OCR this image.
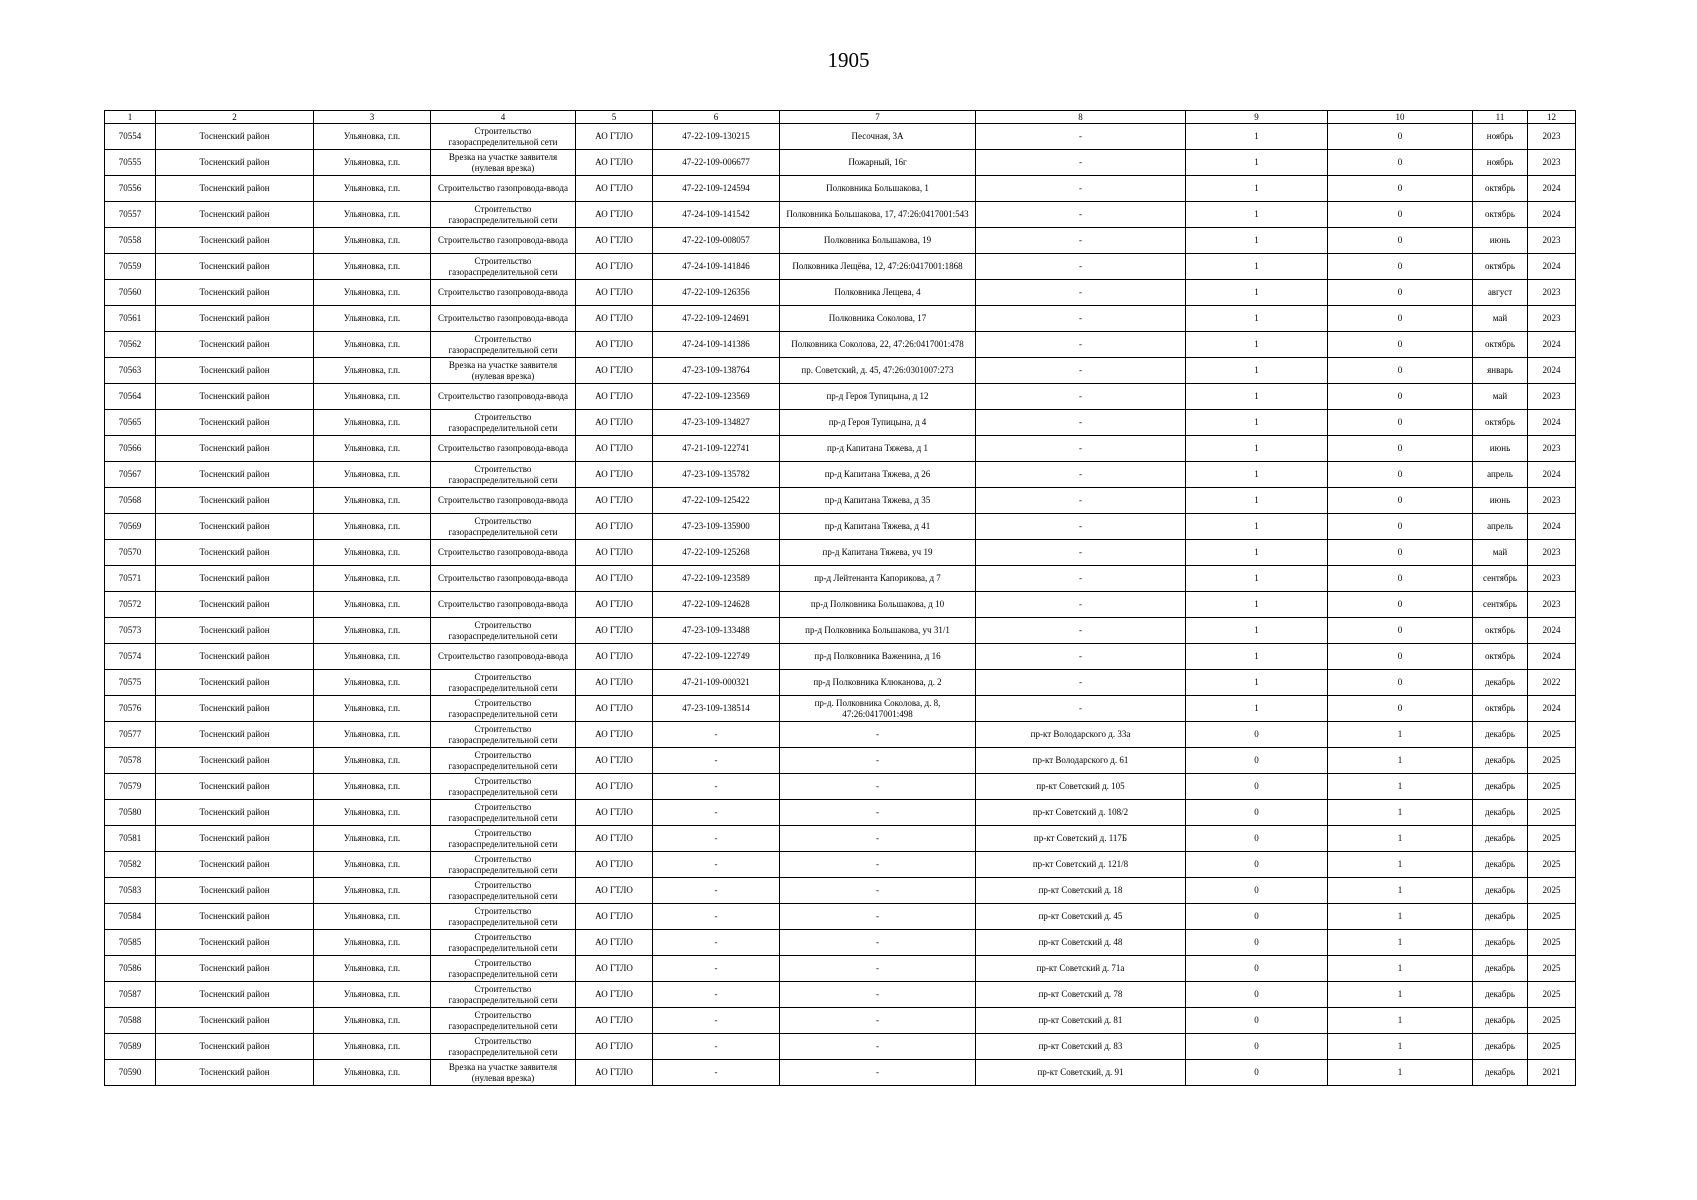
1905
1	2	3	4	5	6	7	8	9	10	11	12
70554	Тосненский район	Ульяновка, г.п.	Строительство газораспределительной сети	АО ГТЛО	47-22-109-130215	Песочная, 3А	-	1	0	ноябрь	2023
70555	Тосненский район	Ульяновка, г.п.	Врезка на участке заявителя (нулевая врезка)	АО ГТЛО	47-22-109-006677	Пожарный, 16г	-	1	0	ноябрь	2023
70556	Тосненский район	Ульяновка, г.п.	Строительство газопровода-ввода	АО ГТЛО	47-22-109-124594	Полковника Большакова, 1	-	1	0	октябрь	2024
70557	Тосненский район	Ульяновка, г.п.	Строительство газораспределительной сети	АО ГТЛО	47-24-109-141542	Полковника Большакова, 17, 47:26:0417001:543	-	1	0	октябрь	2024
70558	Тосненский район	Ульяновка, г.п.	Строительство газопровода-ввода	АО ГТЛО	47-22-109-008057	Полковника Большакова, 19	-	1	0	июнь	2023
70559	Тосненский район	Ульяновка, г.п.	Строительство газораспределительной сети	АО ГТЛО	47-24-109-141846	Полковника Лещёва, 12, 47:26:0417001:1868	-	1	0	октябрь	2024
70560	Тосненский район	Ульяновка, г.п.	Строительство газопровода-ввода	АО ГТЛО	47-22-109-126356	Полковника Лещева, 4	-	1	0	август	2023
70561	Тосненский район	Ульяновка, г.п.	Строительство газопровода-ввода	АО ГТЛО	47-22-109-124691	Полковника Соколова, 17	-	1	0	май	2023
70562	Тосненский район	Ульяновка, г.п.	Строительство газораспределительной сети	АО ГТЛО	47-24-109-141386	Полковника Соколова, 22, 47:26:0417001:478	-	1	0	октябрь	2024
70563	Тосненский район	Ульяновка, г.п.	Врезка на участке заявителя (нулевая врезка)	АО ГТЛО	47-23-109-138764	пр. Советский, д. 45, 47:26:0301007:273	-	1	0	январь	2024
70564	Тосненский район	Ульяновка, г.п.	Строительство газопровода-ввода	АО ГТЛО	47-22-109-123569	пр-д Героя Тупицына, д 12	-	1	0	май	2023
70565	Тосненский район	Ульяновка, г.п.	Строительство газораспределительной сети	АО ГТЛО	47-23-109-134827	пр-д Героя Тупицына, д 4	-	1	0	октябрь	2024
70566	Тосненский район	Ульяновка, г.п.	Строительство газопровода-ввода	АО ГТЛО	47-21-109-122741	пр-д Капитана Тяжева, д 1	-	1	0	июнь	2023
70567	Тосненский район	Ульяновка, г.п.	Строительство газораспределительной сети	АО ГТЛО	47-23-109-135782	пр-д Капитана Тяжева, д 26	-	1	0	апрель	2024
70568	Тосненский район	Ульяновка, г.п.	Строительство газопровода-ввода	АО ГТЛО	47-22-109-125422	пр-д Капитана Тяжева, д 35	-	1	0	июнь	2023
70569	Тосненский район	Ульяновка, г.п.	Строительство газораспределительной сети	АО ГТЛО	47-23-109-135900	пр-д Капитана Тяжева, д 41	-	1	0	апрель	2024
70570	Тосненский район	Ульяновка, г.п.	Строительство газопровода-ввода	АО ГТЛО	47-22-109-125268	пр-д Капитана Тяжева, уч 19	-	1	0	май	2023
70571	Тосненский район	Ульяновка, г.п.	Строительство газопровода-ввода	АО ГТЛО	47-22-109-123589	пр-д Лейтенанта Капорикова, д 7	-	1	0	сентябрь	2023
70572	Тосненский район	Ульяновка, г.п.	Строительство газопровода-ввода	АО ГТЛО	47-22-109-124628	пр-д Полковника Большакова, д 10	-	1	0	сентябрь	2023
70573	Тосненский район	Ульяновка, г.п.	Строительство газораспределительной сети	АО ГТЛО	47-23-109-133488	пр-д Полковника Большакова, уч 31/1	-	1	0	октябрь	2024
70574	Тосненский район	Ульяновка, г.п.	Строительство газопровода-ввода	АО ГТЛО	47-22-109-122749	пр-д Полковника Важенина, д 16	-	1	0	октябрь	2024
70575	Тосненский район	Ульяновка, г.п.	Строительство газораспределительной сети	АО ГТЛО	47-21-109-000321	пр-д Полковника Клюканова, д. 2	-	1	0	декабрь	2022
70576	Тосненский район	Ульяновка, г.п.	Строительство газораспределительной сети	АО ГТЛО	47-23-109-138514	пр-д. Полковника Соколова, д. 8, 47:26:0417001:498	-	1	0	октябрь	2024
70577	Тосненский район	Ульяновка, г.п.	Строительство газораспределительной сети	АО ГТЛО	-	-	пр-кт Володарского д. 33а	0	1	декабрь	2025
70578	Тосненский район	Ульяновка, г.п.	Строительство газораспределительной сети	АО ГТЛО	-	-	пр-кт Володарского д. 61	0	1	декабрь	2025
70579	Тосненский район	Ульяновка, г.п.	Строительство газораспределительной сети	АО ГТЛО	-	-	пр-кт Советский д. 105	0	1	декабрь	2025
70580	Тосненский район	Ульяновка, г.п.	Строительство газораспределительной сети	АО ГТЛО	-	-	пр-кт Советский д. 108/2	0	1	декабрь	2025
70581	Тосненский район	Ульяновка, г.п.	Строительство газораспределительной сети	АО ГТЛО	-	-	пр-кт Советский д. 117Б	0	1	декабрь	2025
70582	Тосненский район	Ульяновка, г.п.	Строительство газораспределительной сети	АО ГТЛО	-	-	пр-кт Советский д. 121/8	0	1	декабрь	2025
70583	Тосненский район	Ульяновка, г.п.	Строительство газораспределительной сети	АО ГТЛО	-	-	пр-кт Советский д. 18	0	1	декабрь	2025
70584	Тосненский район	Ульяновка, г.п.	Строительство газораспределительной сети	АО ГТЛО	-	-	пр-кт Советский д. 45	0	1	декабрь	2025
70585	Тосненский район	Ульяновка, г.п.	Строительство газораспределительной сети	АО ГТЛО	-	-	пр-кт Советский д. 48	0	1	декабрь	2025
70586	Тосненский район	Ульяновка, г.п.	Строительство газораспределительной сети	АО ГТЛО	-	-	пр-кт Советский д. 71а	0	1	декабрь	2025
70587	Тосненский район	Ульяновка, г.п.	Строительство газораспределительной сети	АО ГТЛО	-	-	пр-кт Советский д. 78	0	1	декабрь	2025
70588	Тосненский район	Ульяновка, г.п.	Строительство газораспределительной сети	АО ГТЛО	-	-	пр-кт Советский д. 81	0	1	декабрь	2025
70589	Тосненский район	Ульяновка, г.п.	Строительство газораспределительной сети	АО ГТЛО	-	-	пр-кт Советский д. 83	0	1	декабрь	2025
70590	Тосненский район	Ульяновка, г.п.	Врезка на участке заявителя (нулевая врезка)	АО ГТЛО	-	-	пр-кт Советский, д. 91	0	1	декабрь	2021
